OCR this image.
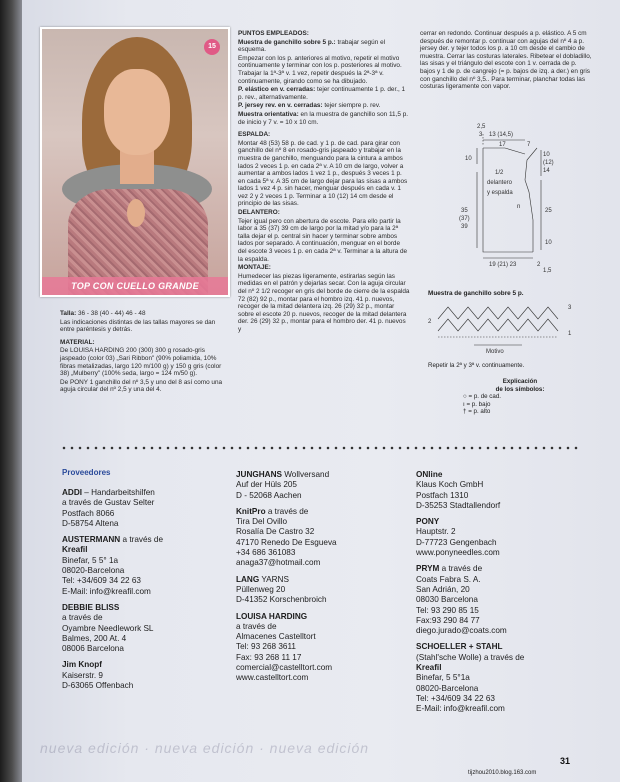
15
TOP CON CUELLO GRANDE

Talla: 36 - 38 (40 - 44) 46 - 48

Las indicaciones distintas de las tallas mayores se dan entre paréntesis y detrás.

MATERIAL:

De LOUISA HARDING 200 (300) 300 g rosado-gris jaspeado (color 03) „Sari Ribbon" (90% poliamida, 10% fibras metalizadas, largo 120 m/100 g) y 150 g gris (color 38) „Mulberry" (100% seda, largo = 124 m/50 g).

De PONY 1 ganchillo del nº 3,5 y uno del 8 así como una aguja circular del nº 2,5 y una del 4.

PUNTOS EMPLEADOS:

Muestra de ganchillo sobre 5 p.: trabajar según el esquema.

Empezar con los p. anteriores al motivo, repetir el motivo continuamente y terminar con los p. posteriores al motivo. Trabajar la 1ª-3ª v. 1 vez, repetir después la 2ª-3ª v. continuamente, girando como se ha dibujado.

P. elástico en v. cerradas: tejer continuamente 1 p. der., 1 p. rev., alternativamente.

P. jersey rev. en v. cerradas: tejer siempre p. rev.

Muestra orientativa: en la muestra de ganchillo son 11,5 p. de inicio y 7 v. = 10 x 10 cm.

ESPALDA:

Montar 48 (53) 58 p. de cad. y 1 p. de cad. para girar con ganchillo del nº 8 en rosado-gris jaspeado y trabajar en la muestra de ganchillo, menguando para la cintura a ambos lados 2 veces 1 p. en cada 2ª v. A 10 cm de largo, volver a aumentar a ambos lados 1 vez 1 p., después 3 veces 1 p. en cada 5ª v. A 35 cm de largo dejar para las sisas a ambos lados 1 vez 4 p. sin hacer, menguar después en cada v. 1 vez 2 y 2 veces 1 p. Terminar a 10 (12) 14 cm desde el principio de las sisas.

DELANTERO:

Tejer igual pero con abertura de escote. Para ello partir la labor a 35 (37) 39 cm de largo por la mitad y/o para la 2ª talla dejar el p. central sin hacer y terminar sobre ambos lados por separado. A continuación, menguar en el borde del escote 3 veces 1 p. en cada 2ª v. Terminar a la altura de la espalda.

MONTAJE:

Humedecer las piezas ligeramente, estirarlas según las medidas en el patrón y dejarlas secar. Con la aguja circular del nº 2 1/2 recoger en gris del borde de cierre de la espalda 72 (82) 92 p., montar para el hombro izq. 41 p. nuevos, recoger de la mitad delantera izq. 26 (29) 32 p., montar sobre el escote 20 p. nuevos, recoger de la mitad delantera der. 26 (29) 32 p., montar para el hombro der. 41 p. nuevos y

cerrar en redondo. Continuar después a p. elástico. A 5 cm después de remontar p. continuar con agujas del nº 4 a p. jersey der. y tejer todos los p. a 10 cm desde el cambio de muestra. Cerrar las costuras laterales. Ribetear el dobladillo, las sisas y el triángulo del escote con 1 v. cerrada de p. bajos y 1 de p. de cangrejo (= p. bajos de izq. a der.) en gris con ganchillo del nº 3,5.. Para terminar, planchar todas las costuras ligeramente con vapor.

2,5
3 13 (14,5)
17	7
10
10
(12)
14
1/2
delantero
y espalda
n
25
35
(37)
39
10
19 (21) 23	2
1,5
Muestra de ganchillo sobre 5 p.
3
2
1
Motivo
Repetir la 2ª y 3ª v. continuamente.
Explicación
de los símbolos:
○ = p. de cad.
ı = p. bajo
† = p. alto
Proveedores
ADDI – Handarbeitshilfen
a través de Gustav Selter
Postfach 8066
D-58754 Altena
AUSTERMANN a través de
Kreafil
Binefar, 5 5° 1a
08020-Barcelona
Tel: +34/609 34 22 63
E-Mail: info@kreafil.com
DEBBIE BLISS
a través de
Oyambre Needlework SL
Balmes, 200 At. 4
08006 Barcelona
Jim Knopf
Kaiserstr. 9
D-63065 Offenbach
JUNGHANS Wollversand
Auf der Hüls 205
D - 52068 Aachen
KnitPro a través de
Tira Del Ovillo
Rosalía De Castro 32
47170 Renedo De Esgueva
+34 686 361083
anaga37@hotmail.com
LANG YARNS
Püllenweg 20
D-41352 Korschenbroich
LOUISA HARDING
a través de
Almacenes Castelltort
Tel: 93 268 3611
Fax: 93 268 11 17
comercial@castelltort.com
www.castelltort.com
ONline
Klaus Koch GmbH
Postfach 1310
D-35253 Stadtallendorf
PONY
Hauptstr. 2
D-77723 Gengenbach
www.ponyneedles.com
PRYM a través de
Coats Fabra S. A.
San Adrián, 20
08030 Barcelona
Tel: 93 290 85 15
Fax:93 290 84 77
diego.jurado@coats.com
SCHOELLER + STAHL
(Stahl'sche Wolle) a través de
Kreafil
Binefar, 5 5°1a
08020-Barcelona
Tel: +34/609 34 22 63
E-Mail: info@kreafil.com
nueva edición · nueva edición · nueva edición
31
tijzhou2010.blog.163.com
